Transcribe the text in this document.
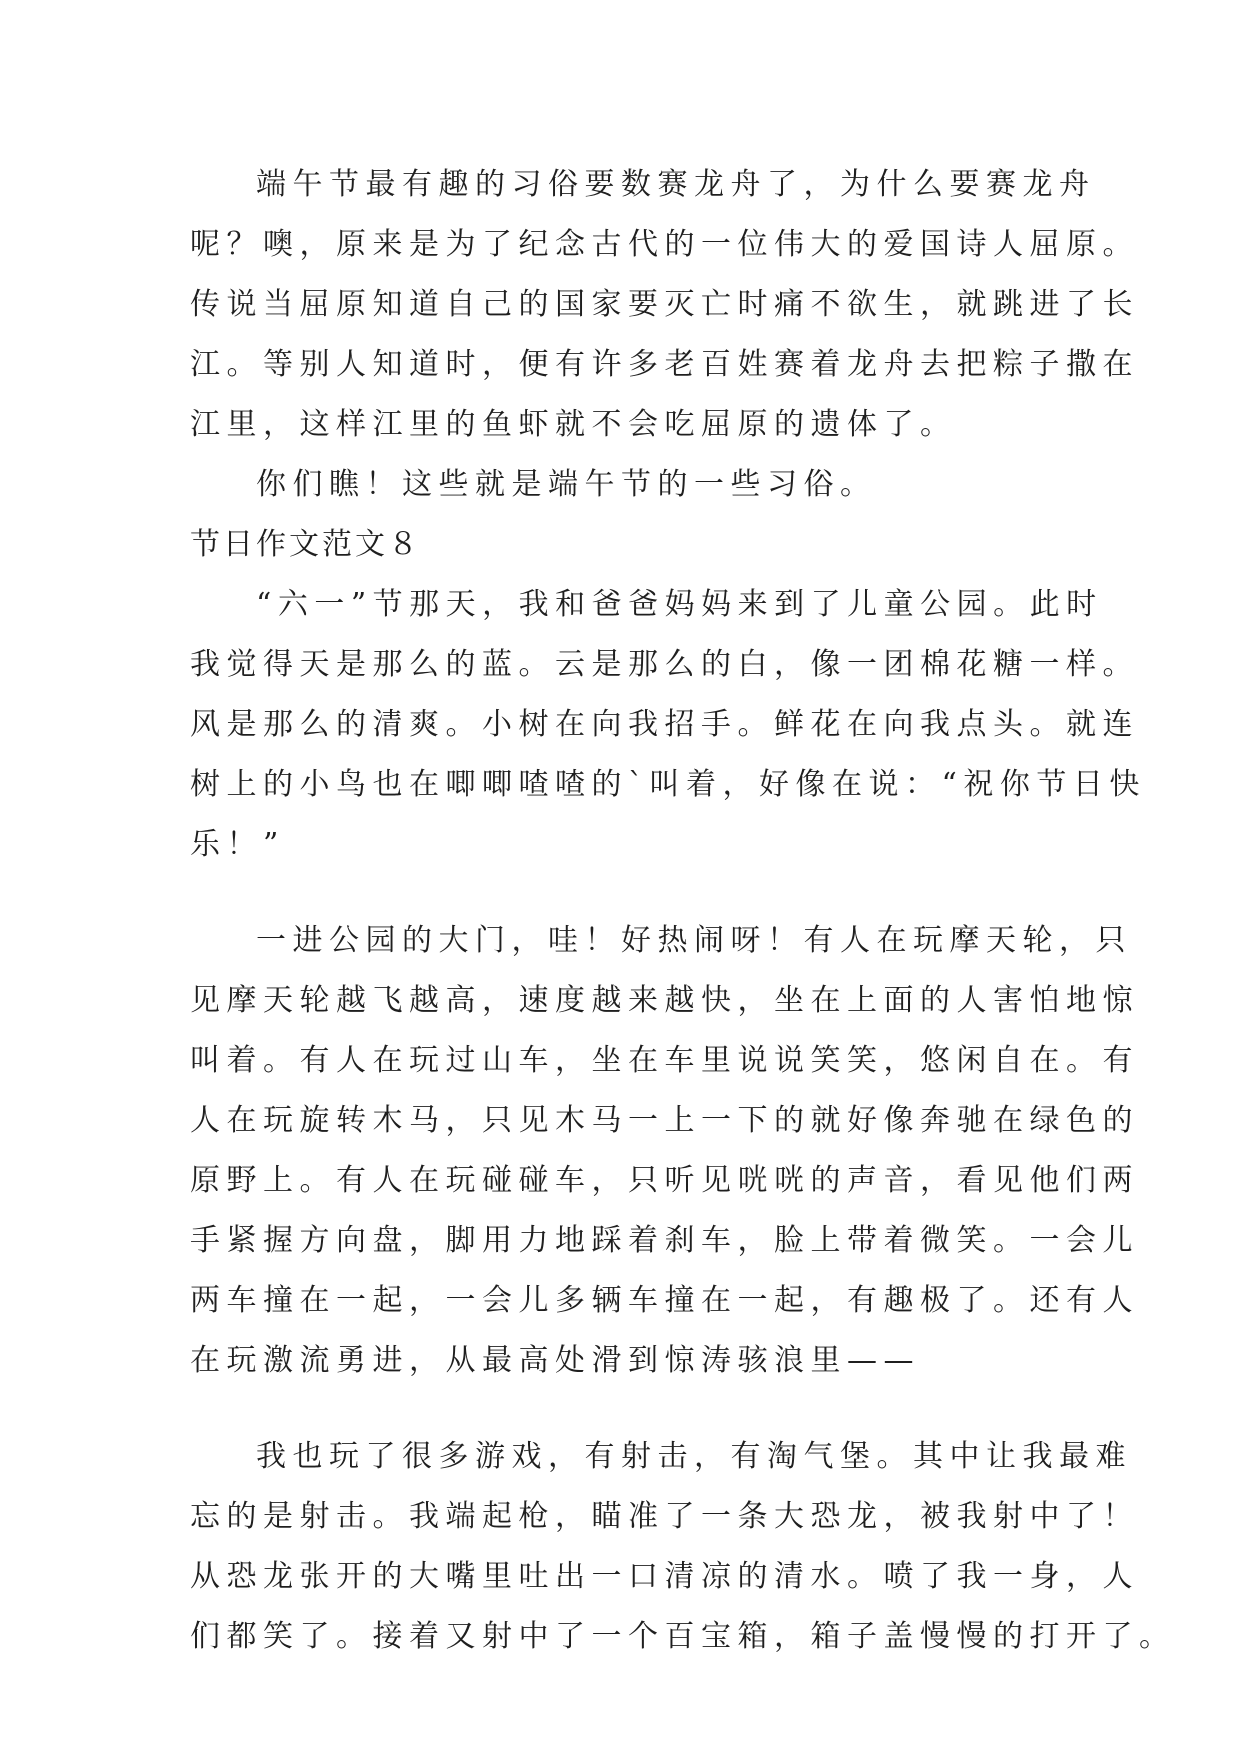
端午节最有趣的习俗要数赛龙舟了，为什么要赛龙舟
呢？噢，原来是为了纪念古代的一位伟大的爱国诗人屈原。
传说当屈原知道自己的国家要灭亡时痛不欲生，就跳进了长
江。等别人知道时，便有许多老百姓赛着龙舟去把粽子撒在
江里，这样江里的鱼虾就不会吃屈原的遗体了。
你们瞧！这些就是端午节的一些习俗。
节日作文范文８
“六一”节那天，我和爸爸妈妈来到了儿童公园。此时
我觉得天是那么的蓝。云是那么的白，像一团棉花糖一样。
风是那么的清爽。小树在向我招手。鲜花在向我点头。就连
树上的小鸟也在唧唧喳喳的`叫着，好像在说：“祝你节日快
乐！”
一进公园的大门，哇！好热闹呀！有人在玩摩天轮，只
见摩天轮越飞越高，速度越来越快，坐在上面的人害怕地惊
叫着。有人在玩过山车，坐在车里说说笑笑，悠闲自在。有
人在玩旋转木马，只见木马一上一下的就好像奔驰在绿色的
原野上。有人在玩碰碰车，只听见咣咣的声音，看见他们两
手紧握方向盘，脚用力地踩着刹车，脸上带着微笑。一会儿
两车撞在一起，一会儿多辆车撞在一起，有趣极了。还有人
在玩激流勇进，从最高处滑到惊涛骇浪里——
我也玩了很多游戏，有射击，有淘气堡。其中让我最难
忘的是射击。我端起枪，瞄准了一条大恐龙，被我射中了！
从恐龙张开的大嘴里吐出一口清凉的清水。喷了我一身，人
们都笑了。接着又射中了一个百宝箱，箱子盖慢慢的打开了。
